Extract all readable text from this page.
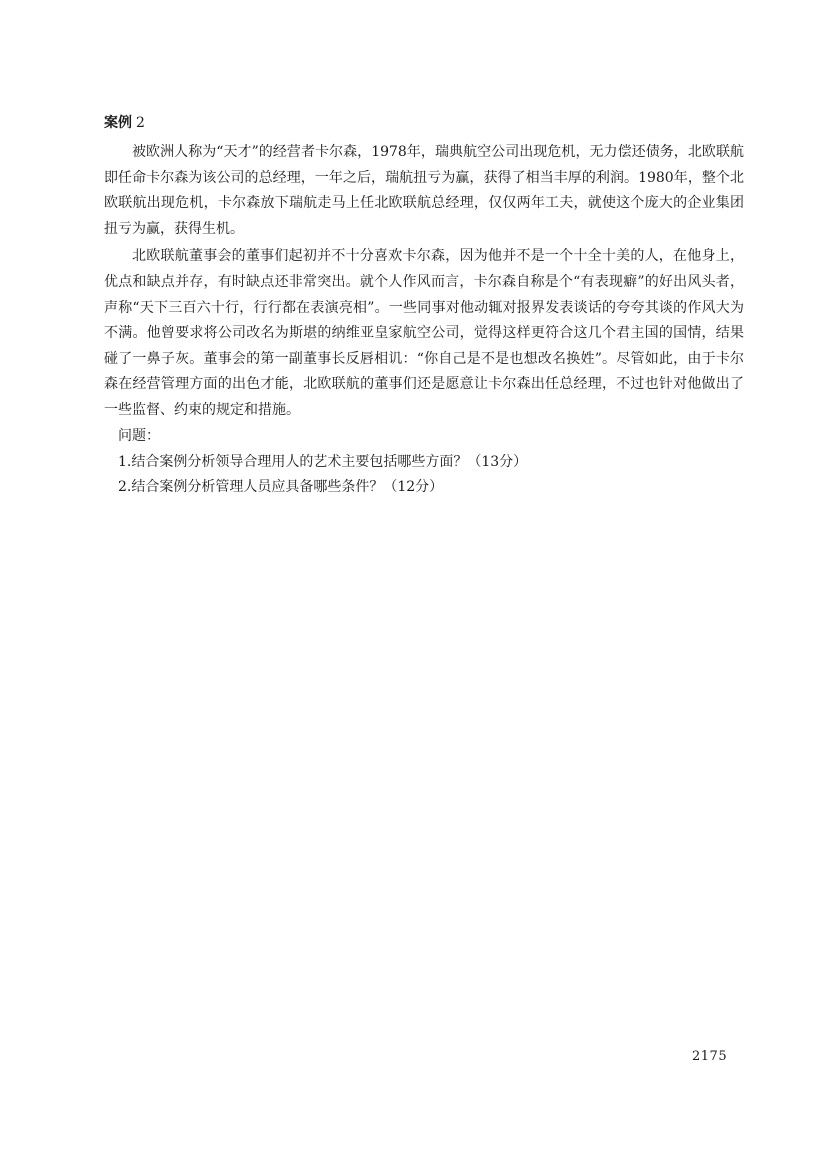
案例 2

被欧洲人称为“天才”的经营者卡尔森，1978年，瑞典航空公司出现危机，无力偿还债务，北欧联航即任命卡尔森为该公司的总经理，一年之后，瑞航扭亏为赢，获得了相当丰厚的利润。1980年，整个北欧联航出现危机，卡尔森放下瑞航走马上任北欧联航总经理，仅仅两年工夫，就使这个庞大的企业集团扭亏为赢，获得生机。

北欧联航董事会的董事们起初并不十分喜欢卡尔森，因为他并不是一个十全十美的人，在他身上，优点和缺点并存，有时缺点还非常突出。就个人作风而言，卡尔森自称是个“有表现癖”的好出风头者，声称“天下三百六十行，行行都在表演亮相”。一些同事对他动辄对报界发表谈话的夸夸其谈的作风大为不满。他曾要求将公司改名为斯堪的纳维亚皇家航空公司，觉得这样更符合这几个君主国的国情，结果碰了一鼻子灰。董事会的第一副董事长反唇相讥：“你自己是不是也想改名换姓”。尽管如此，由于卡尔森在经营管理方面的出色才能，北欧联航的董事们还是愿意让卡尔森出任总经理，不过也针对他做出了一些监督、约束的规定和措施。

问题：

1.结合案例分析领导合理用人的艺术主要包括哪些方面？（13分）

2.结合案例分析管理人员应具备哪些条件？（12分）

2175
